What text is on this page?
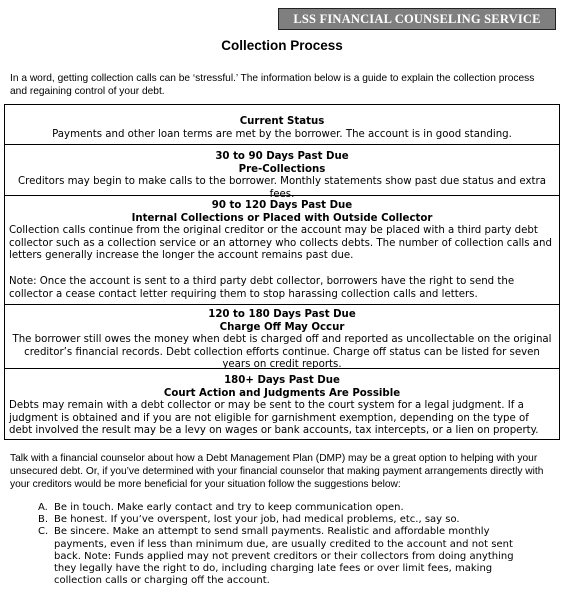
LSS FINANCIAL COUNSELING SERVICE
Collection Process
In a word, getting collection calls can be ‘stressful.’ The information below is a guide to explain the collection process and regaining control of your debt.
Current Status
Payments and other loan terms are met by the borrower. The account is in good standing.
30 to 90 Days Past Due
Pre-Collections
Creditors may begin to make calls to the borrower. Monthly statements show past due status and extra fees.
90 to 120 Days Past Due
Internal Collections or Placed with Outside Collector
Collection calls continue from the original creditor or the account may be placed with a third party debt collector such as a collection service or an attorney who collects debts. The number of collection calls and letters generally increase the longer the account remains past due.
Note: Once the account is sent to a third party debt collector, borrowers have the right to send the collector a cease contact letter requiring them to stop harassing collection calls and letters.
120 to 180 Days Past Due
Charge Off May Occur
The borrower still owes the money when debt is charged off and reported as uncollectable on the original creditor’s financial records. Debt collection efforts continue. Charge off status can be listed for seven years on credit reports.
180+ Days Past Due
Court Action and Judgments Are Possible
Debts may remain with a debt collector or may be sent to the court system for a legal judgment. If a judgment is obtained and if you are not eligible for garnishment exemption, depending on the type of debt involved the result may be a levy on wages or bank accounts, tax intercepts, or a lien on property.
Talk with a financial counselor about how a Debt Management Plan (DMP) may be a great option to helping with your unsecured debt. Or, if you’ve determined with your financial counselor that making payment arrangements directly with your creditors would be more beneficial for your situation follow the suggestions below:
A. Be in touch. Make early contact and try to keep communication open.
B. Be honest. If you’ve overspent, lost your job, had medical problems, etc., say so.
C. Be sincere. Make an attempt to send small payments. Realistic and affordable monthly payments, even if less than minimum due, are usually credited to the account and not sent back. Note: Funds applied may not prevent creditors or their collectors from doing anything they legally have the right to do, including charging late fees or over limit fees, making collection calls or charging off the account.
